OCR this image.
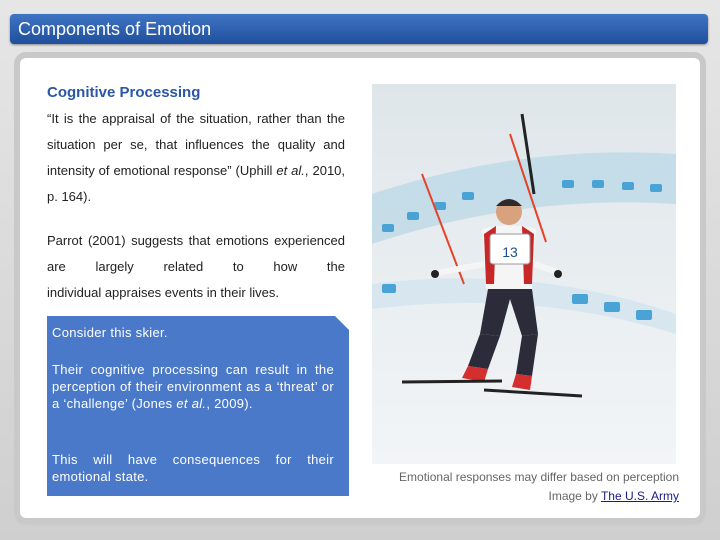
Components of Emotion
Cognitive Processing
“It is the appraisal of the situation, rather than the situation per se, that influences the quality and intensity of emotional response” (Uphill et al., 2010, p. 164).
Parrot (2001) suggests that emotions experienced are largely related to how the
individual appraises events in their lives.

Consider this skier.

Their cognitive processing can result in the perception of their environment as a ‘threat’ or a ‘challenge’ (Jones et al., 2009).

This will have consequences for their emotional state.

13
Emotional responses may differ based on perception
Image by The U.S. Army
